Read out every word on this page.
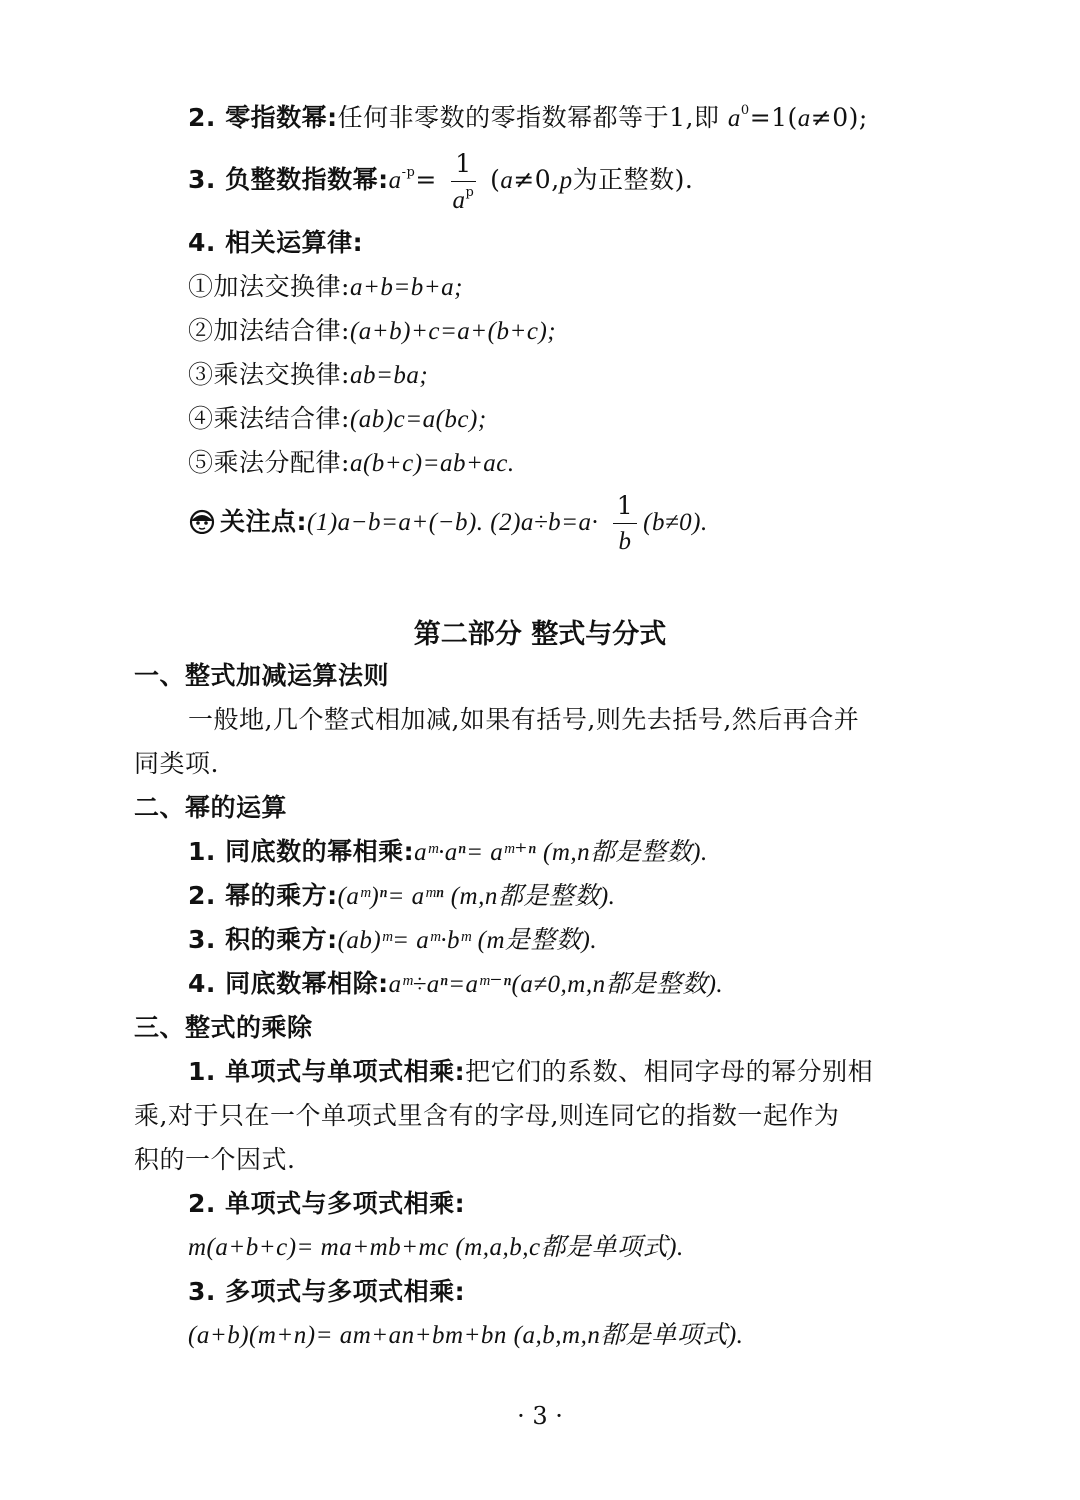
2. 零指数幂:任何非零数的零指数幂都等于1,即 $a^0=1(a\ne 0)$;
3. 负整数指数幂$:a^{-p}= \frac{1}{a^p} (a\ne 0,p$为正整数).
4. 相关运算律:
①加法交换律:a+b=b+a;
②加法结合律:(a+b)+c=a+(b+c);
③乘法交换律:ab=ba;
④乘法结合律:(ab)c=a(bc);
⑤乘法分配律:a(b+c)=ab+ac.
关注点:(1)a−b=a+(−b). $(2)a\div b=a\cdot \frac{1}{b} (b\ne 0)$.
第二部分 整式与分式
一、整式加减运算法则
一般地,几个整式相加减,如果有括号,则先去括号,然后再合并
同类项.
二、幂的运算
1. 同底数的幂相乘:aᵐ·aⁿ= aᵐ⁺ⁿ (m,n都是整数).
2. 幂的乘方:(aᵐ)ⁿ= aᵐⁿ (m,n都是整数).
3. 积的乘方:(ab)ᵐ= aᵐ·bᵐ (m是整数).
4. 同底数幂相除:aᵐ÷aⁿ=aᵐ⁻ⁿ(a≠0,m,n都是整数).
三、整式的乘除
1. 单项式与单项式相乘:把它们的系数、相同字母的幂分别相
乘,对于只在一个单项式里含有的字母,则连同它的指数一起作为
积的一个因式.
2. 单项式与多项式相乘:
m(a+b+c)= ma+mb+mc (m,a,b,c都是单项式).
3. 多项式与多项式相乘:
(a+b)(m+n)= am+an+bm+bn (a,b,m,n都是单项式).
· 3 ·
